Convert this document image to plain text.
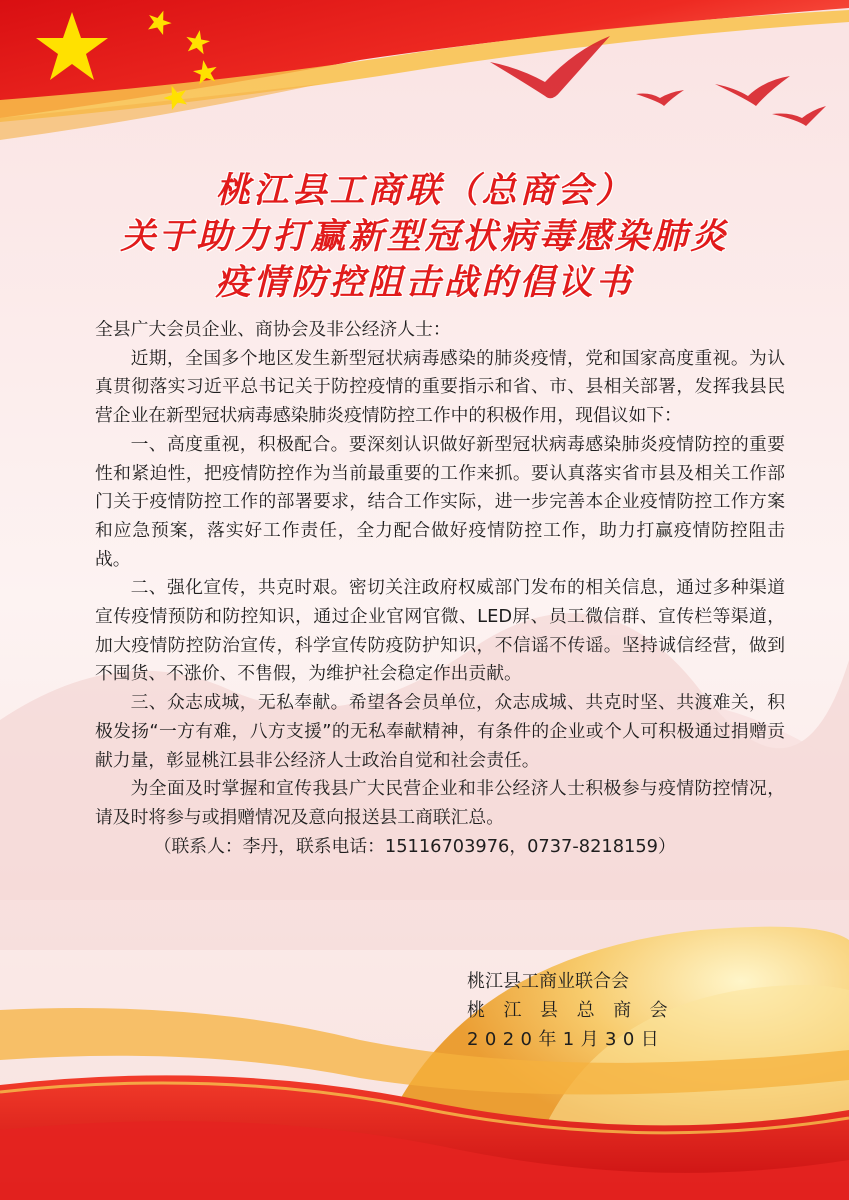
桃江县工商联（总商会）
关于助力打赢新型冠状病毒感染肺炎
疫情防控阻击战的倡议书

全县广大会员企业、商协会及非公经济人士：

近期，全国多个地区发生新型冠状病毒感染的肺炎疫情，党和国家高度重视。为认真贯彻落实习近平总书记关于防控疫情的重要指示和省、市、县相关部署，发挥我县民营企业在新型冠状病毒感染肺炎疫情防控工作中的积极作用，现倡议如下：

一、高度重视，积极配合。要深刻认识做好新型冠状病毒感染肺炎疫情防控的重要性和紧迫性，把疫情防控作为当前最重要的工作来抓。要认真落实省市县及相关工作部门关于疫情防控工作的部署要求，结合工作实际，进一步完善本企业疫情防控工作方案和应急预案，落实好工作责任，全力配合做好疫情防控工作，助力打赢疫情防控阻击战。

二、强化宣传，共克时艰。密切关注政府权威部门发布的相关信息，通过多种渠道宣传疫情预防和防控知识，通过企业官网官微、LED屏、员工微信群、宣传栏等渠道，加大疫情防控防治宣传，科学宣传防疫防护知识，不信谣不传谣。坚持诚信经营，做到不囤货、不涨价、不售假，为维护社会稳定作出贡献。

三、众志成城，无私奉献。希望各会员单位，众志成城、共克时坚、共渡难关，积极发扬“一方有难，八方支援”的无私奉献精神，有条件的企业或个人可积极通过捐赠贡献力量，彰显桃江县非公经济人士政治自觉和社会责任。

为全面及时掌握和宣传我县广大民营企业和非公经济人士积极参与疫情防控情况，请及时将参与或捐赠情况及意向报送县工商联汇总。

（联系人：李丹，联系电话：15116703976，0737-8218159）

桃江县工商业联合会
桃 江 县 总 商 会
2020年1月30日
